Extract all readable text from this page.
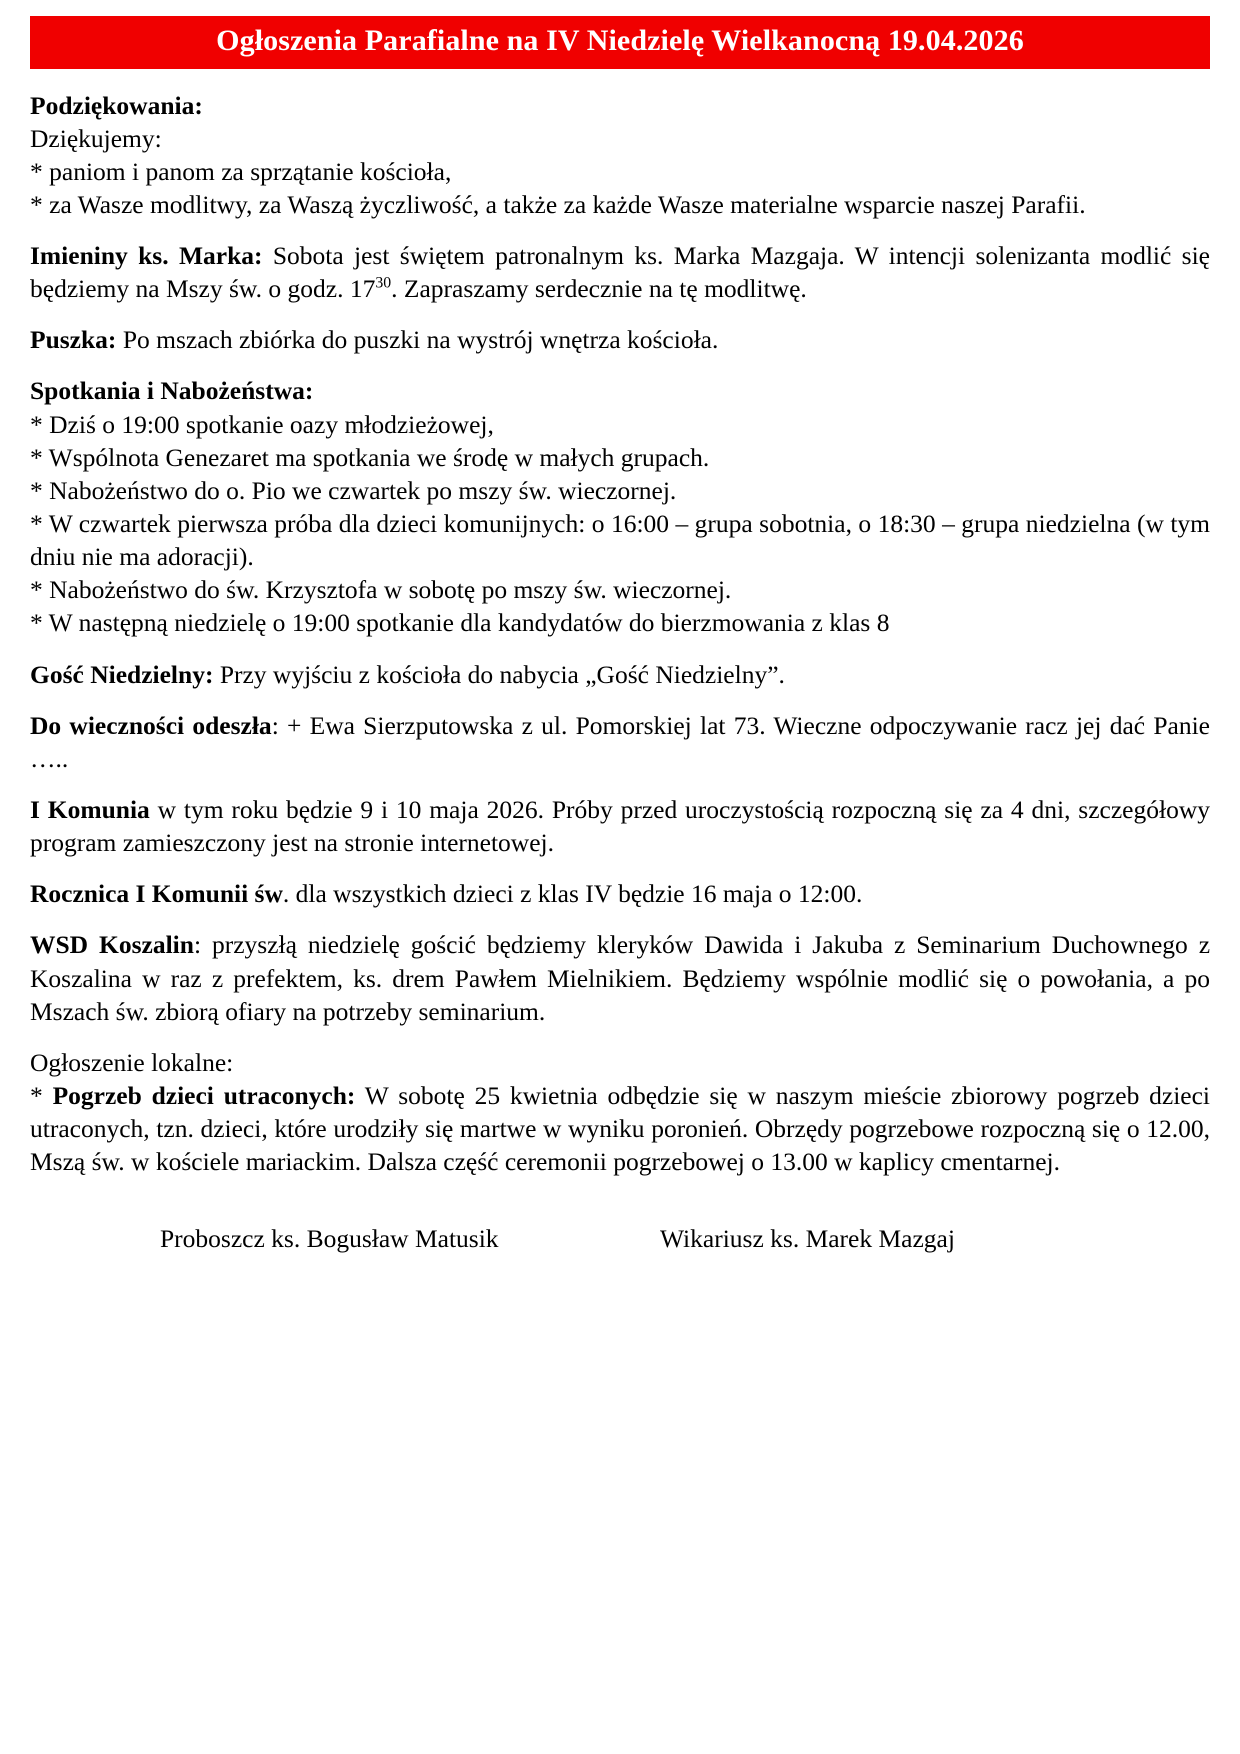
Ogłoszenia Parafialne na IV Niedzielę Wielkanocną 19.04.2026
Podziękowania:
Dziękujemy:
* paniom i panom za sprzątanie kościoła,
* za Wasze modlitwy, za Waszą życzliwość, a także za każde Wasze materialne wsparcie naszej Parafii.

Imieniny ks. Marka: Sobota jest świętem patronalnym ks. Marka Mazgaja. W intencji solenizanta modlić się będziemy na Mszy św. o godz. $17^{30}$. Zapraszamy serdecznie na tę modlitwę.

Puszka: Po mszach zbiórka do puszki na wystrój wnętrza kościoła.

Spotkania i Nabożeństwa:
* Dziś o 19:00 spotkanie oazy młodzieżowej,
* Wspólnota Genezaret ma spotkania we środę w małych grupach.
* Nabożeństwo do o. Pio we czwartek po mszy św. wieczornej.
* W czwartek pierwsza próba dla dzieci komunijnych: o 16:00 – grupa sobotnia, o 18:30 – grupa niedzielna (w tym dniu nie ma adoracji).
* Nabożeństwo do św. Krzysztofa w sobotę po mszy św. wieczornej.
* W następną niedzielę o 19:00 spotkanie dla kandydatów do bierzmowania z klas 8

Gość Niedzielny: Przy wyjściu z kościoła do nabycia „Gość Niedzielny”.

Do wieczności odeszła: + Ewa Sierzputowska z ul. Pomorskiej lat 73. Wieczne odpoczywanie racz jej dać Panie …..

I Komunia w tym roku będzie 9 i 10 maja 2026. Próby przed uroczystością rozpoczną się za 4 dni, szczegółowy program zamieszczony jest na stronie internetowej.

Rocznica I Komunii św. dla wszystkich dzieci z klas IV będzie 16 maja o 12:00.

WSD Koszalin: przyszłą niedzielę gościć będziemy kleryków Dawida i Jakuba z Seminarium Duchownego z Koszalina w raz z prefektem, ks. drem Pawłem Mielnikiem. Będziemy wspólnie modlić się o powołania, a po Mszach św. zbiorą ofiary na potrzeby seminarium.

Ogłoszenie lokalne:

* Pogrzeb dzieci utraconych: W sobotę 25 kwietnia odbędzie się w naszym mieście zbiorowy pogrzeb dzieci utraconych, tzn. dzieci, które urodziły się martwe w wyniku poronień. Obrzędy pogrzebowe rozpoczną się o 12.00, Mszą św. w kościele mariackim. Dalsza część ceremonii pogrzebowej o 13.00 w kaplicy cmentarnej.

Proboszcz ks. Bogusław Matusik	Wikariusz ks. Marek Mazgaj
